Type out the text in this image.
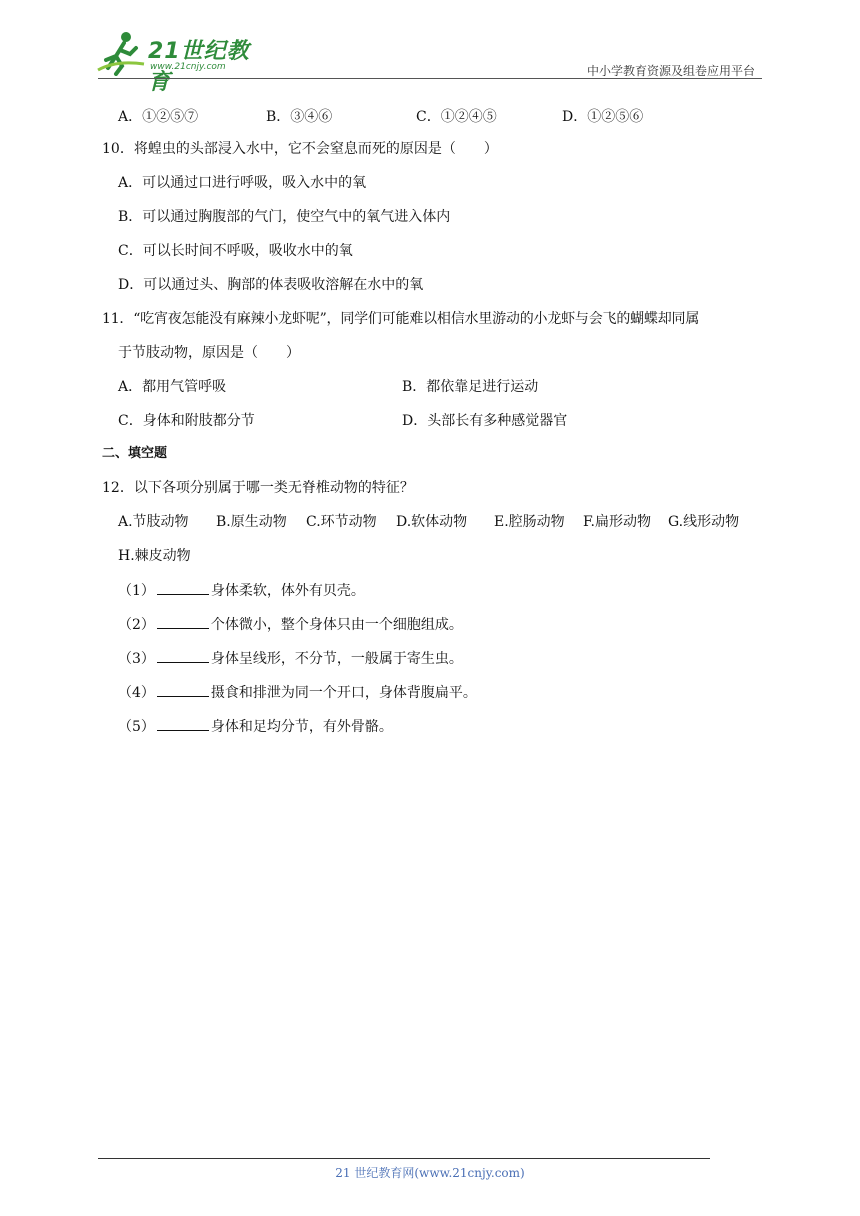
21世纪教育
www.21cnjy.com	中小学教育资源及组卷应用平台
A．①②⑤⑦	B．③④⑥	C．①②④⑤	D．①②⑤⑥
10．将蝗虫的头部浸入水中，它不会窒息而死的原因是（　　）
A．可以通过口进行呼吸，吸入水中的氧
B．可以通过胸腹部的气门，使空气中的氧气进入体内
C．可以长时间不呼吸，吸收水中的氧
D．可以通过头、胸部的体表吸收溶解在水中的氧
11．“吃宵夜怎能没有麻辣小龙虾呢”，同学们可能难以相信水里游动的小龙虾与会飞的蝴蝶却同属
于节肢动物，原因是（　　）
A．都用气管呼吸	B．都依靠足进行运动
C．身体和附肢都分节	D．头部长有多种感觉器官
二、填空题
12．以下各项分别属于哪一类无脊椎动物的特征？
A.节肢动物 B.原生动物 C.环节动物 D.软体动物 E.腔肠动物 F.扁形动物 G.线形动物
H.棘皮动物
（1）	身体柔软，体外有贝壳。
（2）	个体微小，整个身体只由一个细胞组成。
（3）	身体呈线形，不分节，一般属于寄生虫。
（4）	摄食和排泄为同一个开口，身体背腹扁平。
（5）	身体和足均分节，有外骨骼。
21 世纪教育网(www.21cnjy.com)
